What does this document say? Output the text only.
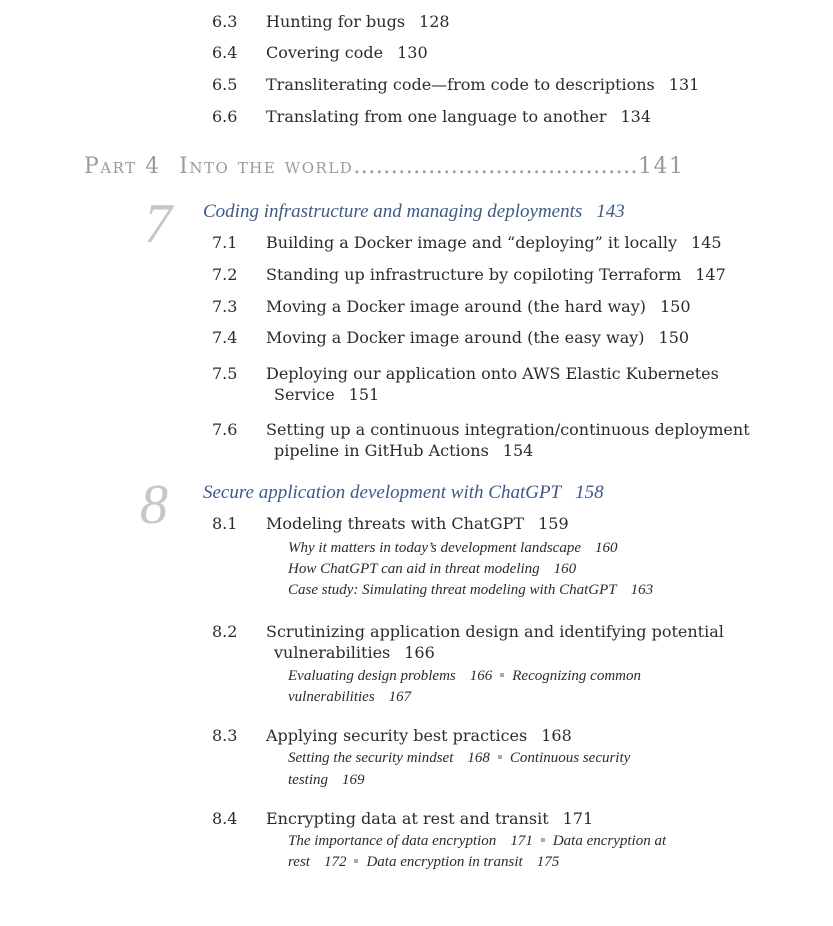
6.3 Hunting for bugs 128
6.4 Covering code 130
6.5 Transliterating code—from code to descriptions 131
6.6 Translating from one language to another 134
Part 4 Into the world......................................141
7 Coding infrastructure and managing deployments 143
7.1 Building a Docker image and “deploying” it locally 145
7.2 Standing up infrastructure by copiloting Terraform 147
7.3 Moving a Docker image around (the hard way) 150
7.4 Moving a Docker image around (the easy way) 150
7.5 Deploying our application onto AWS Elastic Kubernetes
Service 151
7.6 Setting up a continuous integration/continuous deployment
pipeline in GitHub Actions 154
8 Secure application development with ChatGPT 158
8.1 Modeling threats with ChatGPT 159
Why it matters in today’s development landscape 160
How ChatGPT can aid in threat modeling 160
Case study: Simulating threat modeling with ChatGPT 163
8.2 Scrutinizing application design and identifying potential
vulnerabilities 166
Evaluating design problems 166 Recognizing common
vulnerabilities 167
8.3 Applying security best practices 168
Setting the security mindset 168 Continuous security
testing 169
8.4 Encrypting data at rest and transit 171
The importance of data encryption 171 Data encryption at
rest 172 Data encryption in transit 175
